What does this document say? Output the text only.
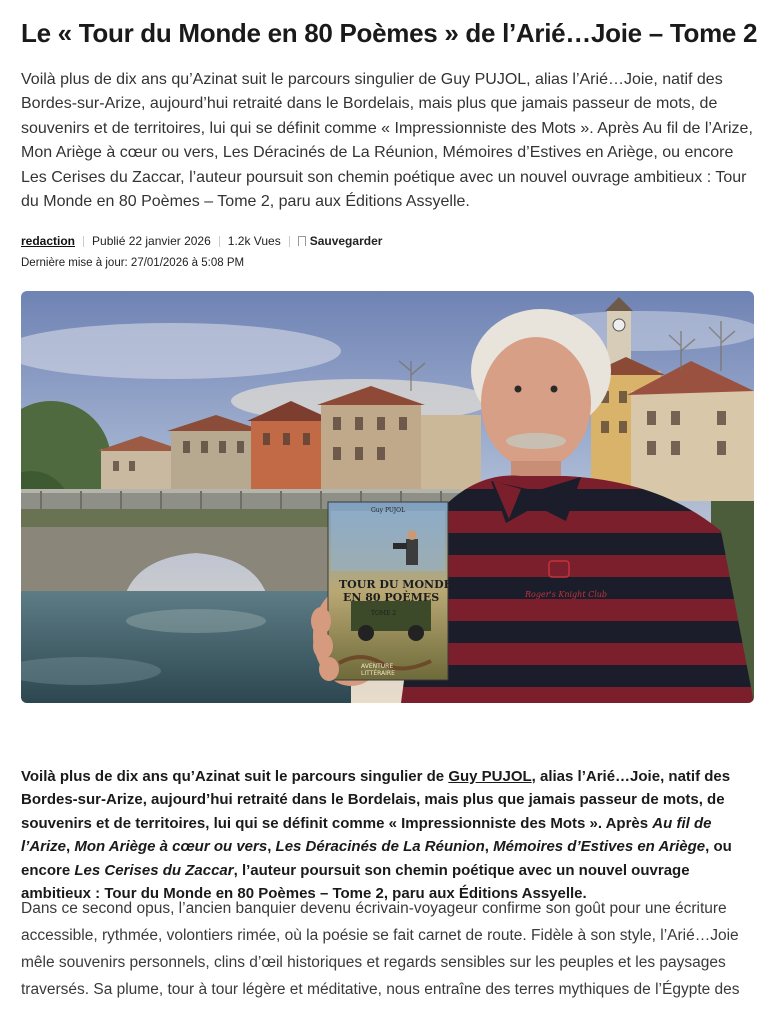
Le « Tour du Monde en 80 Poèmes » de l’Arié…Joie – Tome 2

Voilà plus de dix ans qu’Azinat suit le parcours singulier de Guy PUJOL, alias l’Arié…Joie, natif des Bordes-sur-Arize, aujourd’hui retraité dans le Bordelais, mais plus que jamais passeur de mots, de souvenirs et de territoires, lui qui se définit comme « Impressionniste des Mots ». Après Au fil de l’Arize, Mon Ariège à cœur ou vers, Les Déracinés de La Réunion, Mémoires d’Estives en Ariège, ou encore Les Cerises du Zaccar, l’auteur poursuit son chemin poétique avec un nouvel ouvrage ambitieux : Tour du Monde en 80 Poèmes – Tome 2, paru aux Éditions Assyelle.

redaction Publié 22 janvier 2026 1.2k Vues Sauvegarder
Dernière mise à jour: 27/01/2026 à 5:08 PM
Roger's Knight Club
Guy PUJOL
TOUR DU MONDE
EN 80 POÈMES
TOME 2
AVENTURE
LITTÉRAIRE

Voilà plus de dix ans qu’Azinat suit le parcours singulier de Guy PUJOL, alias l’Arié…Joie, natif des Bordes-sur-Arize, aujourd’hui retraité dans le Bordelais, mais plus que jamais passeur de mots, de souvenirs et de territoires, lui qui se définit comme « Impressionniste des Mots ». Après Au fil de l’Arize, Mon Ariège à cœur ou vers, Les Déracinés de La Réunion, Mémoires d’Estives en Ariège, ou encore Les Cerises du Zaccar, l’auteur poursuit son chemin poétique avec un nouvel ouvrage ambitieux : Tour du Monde en 80 Poèmes – Tome 2, paru aux Éditions Assyelle.

Dans ce second opus, l’ancien banquier devenu écrivain-voyageur confirme son goût pour une écriture accessible, rythmée, volontiers rimée, où la poésie se fait carnet de route. Fidèle à son style, l’Arié…Joie mêle souvenirs personnels, clins d’œil historiques et regards sensibles sur les peuples et les paysages traversés. Sa plume, tour à tour légère et méditative, nous entraîne des terres mythiques de l’Égypte des
